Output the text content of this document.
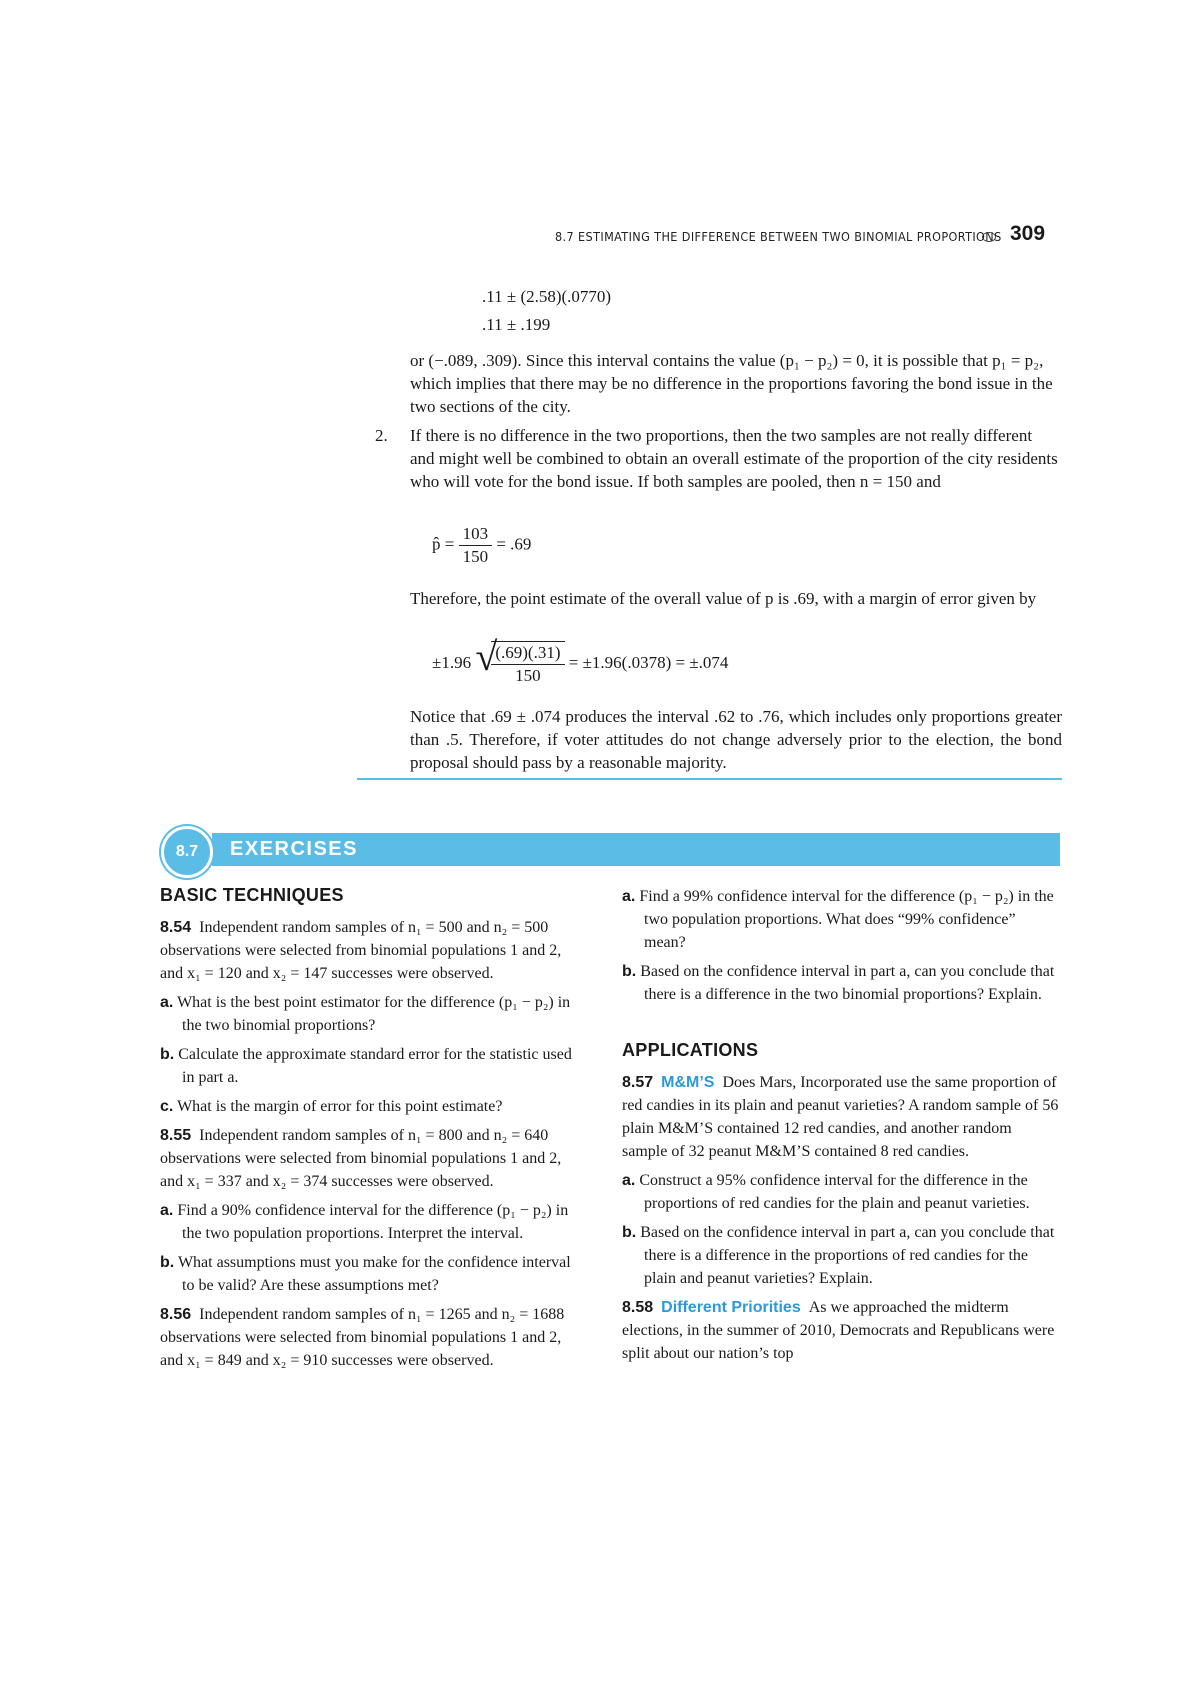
8.7 ESTIMATING THE DIFFERENCE BETWEEN TWO BINOMIAL PROPORTIONS 309
.11 ± (2.58)(.0770)
.11 ± .199

or (−.089, .309). Since this interval contains the value (p₁ − p₂) = 0, it is possible that p₁ = p₂, which implies that there may be no difference in the proportions favoring the bond issue in the two sections of the city.

2. If there is no difference in the two proportions, then the two samples are not really different and might well be combined to obtain an overall estimate of the proportion of the city residents who will vote for the bond issue. If both samples are pooled, then n = 150 and

p̂ = $\frac{103}{150} = .69$

Therefore, the point estimate of the overall value of p is .69, with a margin of error given by

±1.96 √
$\frac{(.69)(.31)}{150} = \pm 1.96(.0378) = \pm.074$

Notice that .69 ± .074 produces the interval .62 to .76, which includes only proportions greater than .5. Therefore, if voter attitudes do not change adversely prior to the election, the bond proposal should pass by a reasonable majority.

EXERCISES
8.7
BASIC TECHNIQUES

8.54 Independent random samples of n₁ = 500 and n₂ = 500 observations were selected from binomial populations 1 and 2, and x₁ = 120 and x₂ = 147 successes were observed.

a. What is the best point estimator for the difference (p₁ − p₂) in the two binomial proportions?

b. Calculate the approximate standard error for the statistic used in part a.

c. What is the margin of error for this point estimate?

8.55 Independent random samples of n₁ = 800 and n₂ = 640 observations were selected from binomial populations 1 and 2, and x₁ = 337 and x₂ = 374 successes were observed.

a. Find a 90% confidence interval for the difference (p₁ − p₂) in the two population proportions. Interpret the interval.

b. What assumptions must you make for the confidence interval to be valid? Are these assumptions met?

8.56 Independent random samples of n₁ = 1265 and n₂ = 1688 observations were selected from binomial populations 1 and 2, and x₁ = 849 and x₂ = 910 successes were observed.

a. Find a 99% confidence interval for the difference (p₁ − p₂) in the two population proportions. What does “99% confidence” mean?

b. Based on the confidence interval in part a, can you conclude that there is a difference in the two binomial proportions? Explain.

APPLICATIONS

8.57 M&M’S Does Mars, Incorporated use the same proportion of red candies in its plain and peanut varieties? A random sample of 56 plain M&M’S contained 12 red candies, and another random sample of 32 peanut M&M’S contained 8 red candies.

a. Construct a 95% confidence interval for the difference in the proportions of red candies for the plain and peanut varieties.

b. Based on the confidence interval in part a, can you conclude that there is a difference in the proportions of red candies for the plain and peanut varieties? Explain.

8.58 Different Priorities As we approached the midterm elections, in the summer of 2010, Democrats and Republicans were split about our nation’s top
